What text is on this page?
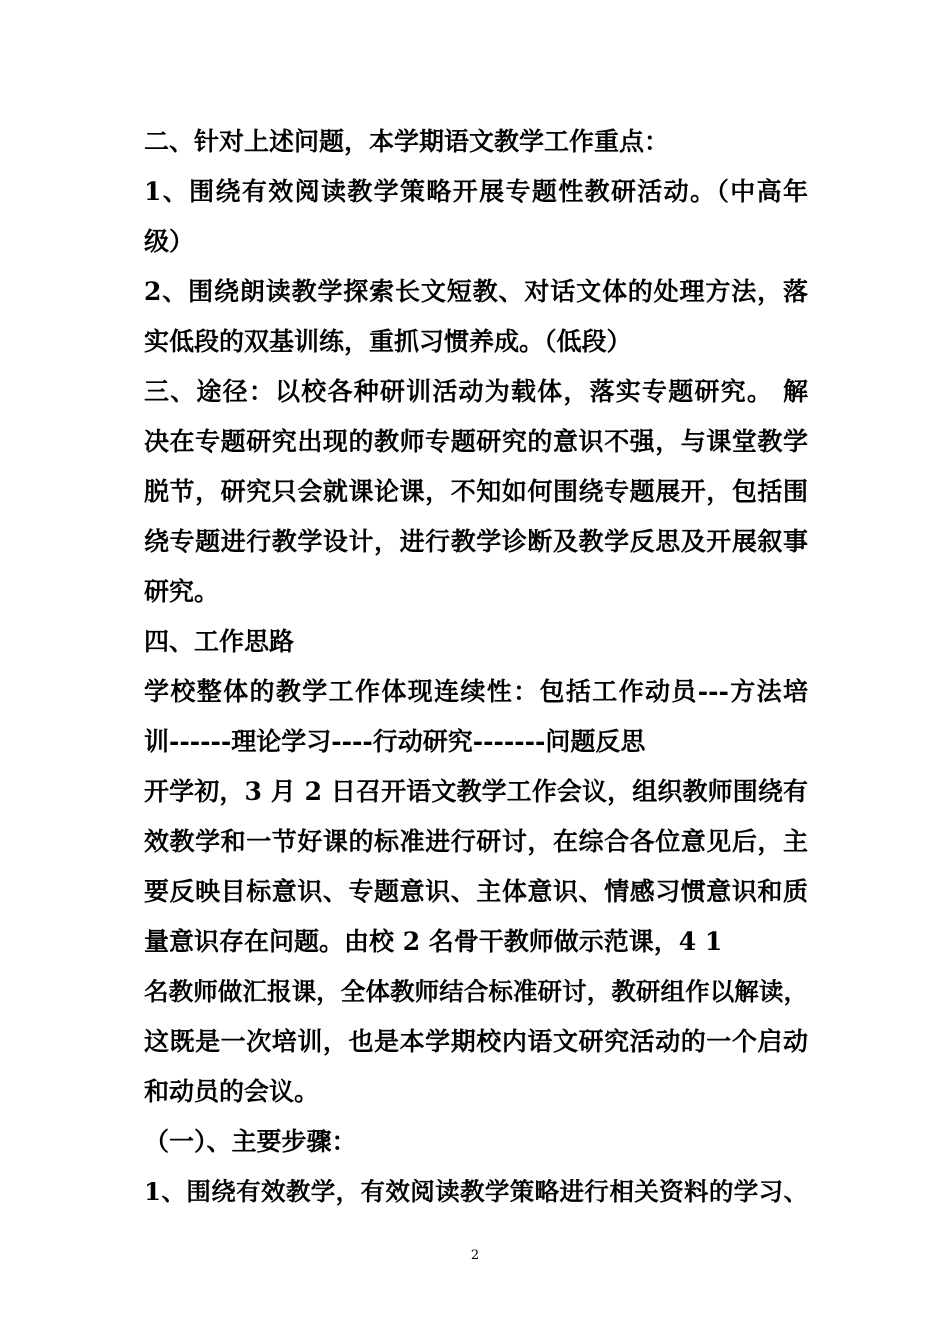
二、针对上述问题，本学期语文教学工作重点：
1、围绕有效阅读教学策略开展专题性教研活动。（中高年
级）
2、围绕朗读教学探索长文短教、对话文体的处理方法，落
实低段的双基训练，重抓习惯养成。（低段）
三、途径：以校各种研训活动为载体，落实专题研究。 解
决在专题研究出现的教师专题研究的意识不强，与课堂教学
脱节，研究只会就课论课，不知如何围绕专题展开，包括围
绕专题进行教学设计，进行教学诊断及教学反思及开展叙事
研究。
四、工作思路
学校整体的教学工作体现连续性：包括工作动员---方法培
训------理论学习----行动研究-------问题反思
开学初，3 月 2 日召开语文教学工作会议，组织教师围绕有
效教学和一节好课的标准进行研讨，在综合各位意见后，主
要反映目标意识、专题意识、主体意识、情感习惯意识和质
量意识存在问题。由校 2 名骨干教师做示范课，4 1
名教师做汇报课，全体教师结合标准研讨，教研组作以解读，
这既是一次培训，也是本学期校内语文研究活动的一个启动
和动员的会议。
（一）、主要步骤：
1、围绕有效教学，有效阅读教学策略进行相关资料的学习、
2
